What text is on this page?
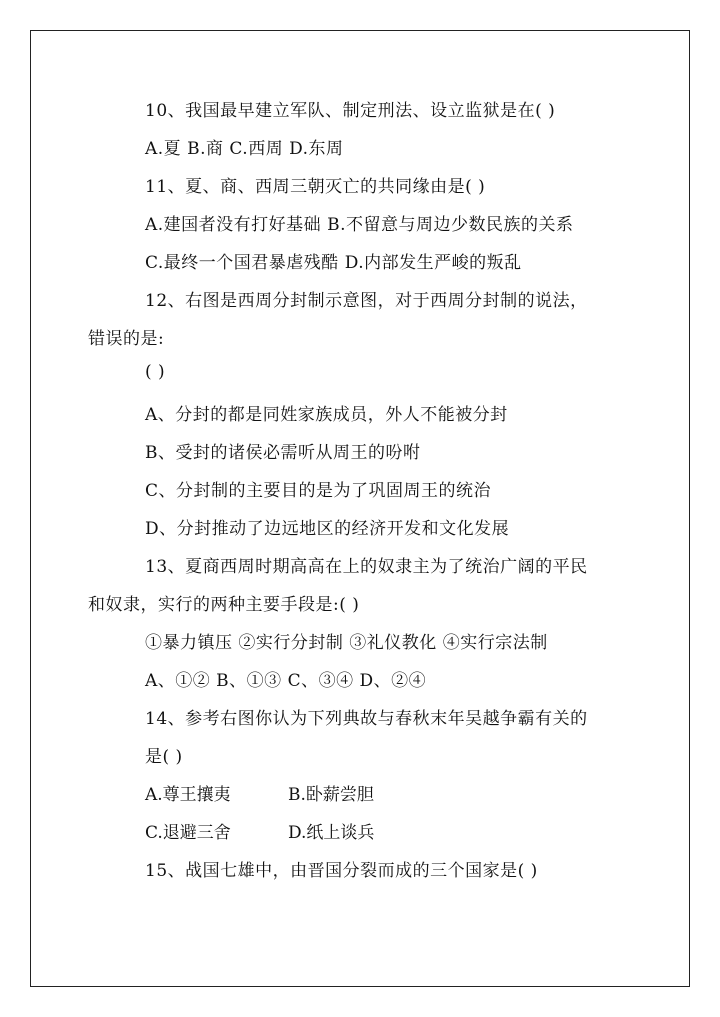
10、我国最早建立军队、制定刑法、设立监狱是在( )
A.夏 B.商 C.西周 D.东周
11、夏、商、西周三朝灭亡的共同缘由是( )
A.建国者没有打好基础 B.不留意与周边少数民族的关系
C.最终一个国君暴虐残酷 D.内部发生严峻的叛乱
12、右图是西周分封制示意图，对于西周分封制的说法，
错误的是:
( )
A、分封的都是同姓家族成员，外人不能被分封
B、受封的诸侯必需听从周王的吩咐
C、分封制的主要目的是为了巩固周王的统治
D、分封推动了边远地区的经济开发和文化发展
13、夏商西周时期高高在上的奴隶主为了统治广阔的平民
和奴隶，实行的两种主要手段是:( )
①暴力镇压 ②实行分封制 ③礼仪教化 ④实行宗法制
A、①② B、①③ C、③④ D、②④
14、参考右图你认为下列典故与春秋末年吴越争霸有关的
是( )
A.尊王攘夷	B.卧薪尝胆
C.退避三舍	D.纸上谈兵
15、战国七雄中，由晋国分裂而成的三个国家是( )
